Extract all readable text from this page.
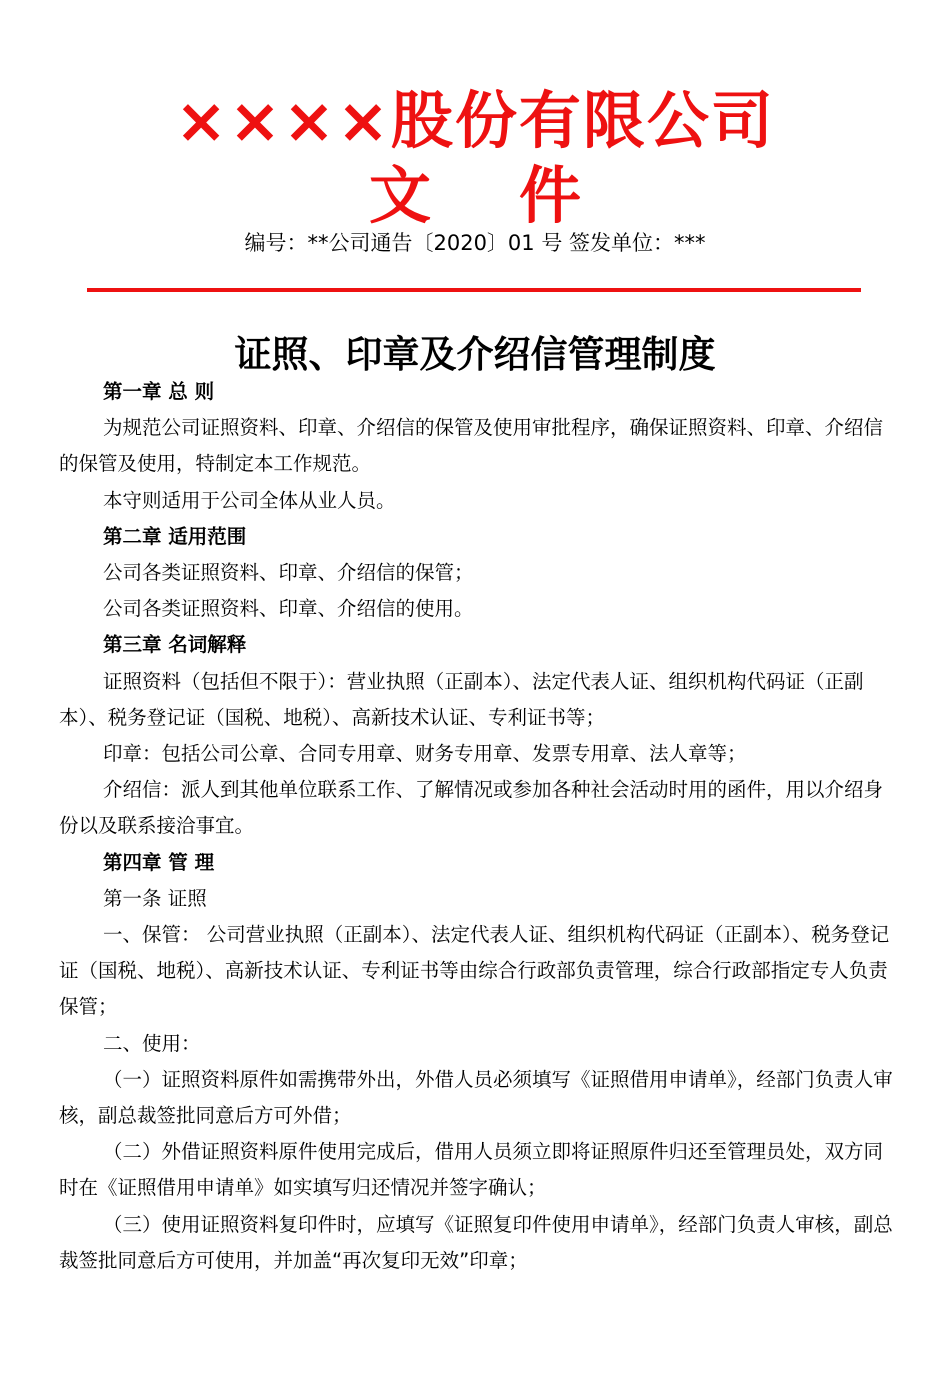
××××股份有限公司
文件
编号：**公司通告〔2020〕01 号 签发单位：***
证照、印章及介绍信管理制度

第一章 总 则

为规范公司证照资料、印章、介绍信的保管及使用审批程序，确保证照资料、印章、介绍信的保管及使用，特制定本工作规范。

本守则适用于公司全体从业人员。

第二章 适用范围

公司各类证照资料、印章、介绍信的保管；

公司各类证照资料、印章、介绍信的使用。

第三章 名词解释

证照资料（包括但不限于）：营业执照（正副本）、法定代表人证、组织机构代码证（正副本）、税务登记证（国税、地税）、高新技术认证、专利证书等；

印章：包括公司公章、合同专用章、财务专用章、发票专用章、法人章等；

介绍信：派人到其他单位联系工作、了解情况或参加各种社会活动时用的函件，用以介绍身份以及联系接洽事宜。

第四章 管 理

第一条 证照

一、保管： 公司营业执照（正副本）、法定代表人证、组织机构代码证（正副本）、税务登记证（国税、地税）、高新技术认证、专利证书等由综合行政部负责管理，综合行政部指定专人负责保管；

二、使用：

（一）证照资料原件如需携带外出，外借人员必须填写《证照借用申请单》，经部门负责人审核，副总裁签批同意后方可外借；

（二）外借证照资料原件使用完成后，借用人员须立即将证照原件归还至管理员处，双方同时在《证照借用申请单》如实填写归还情况并签字确认；

（三）使用证照资料复印件时，应填写《证照复印件使用申请单》，经部门负责人审核，副总裁签批同意后方可使用，并加盖“再次复印无效”印章；
